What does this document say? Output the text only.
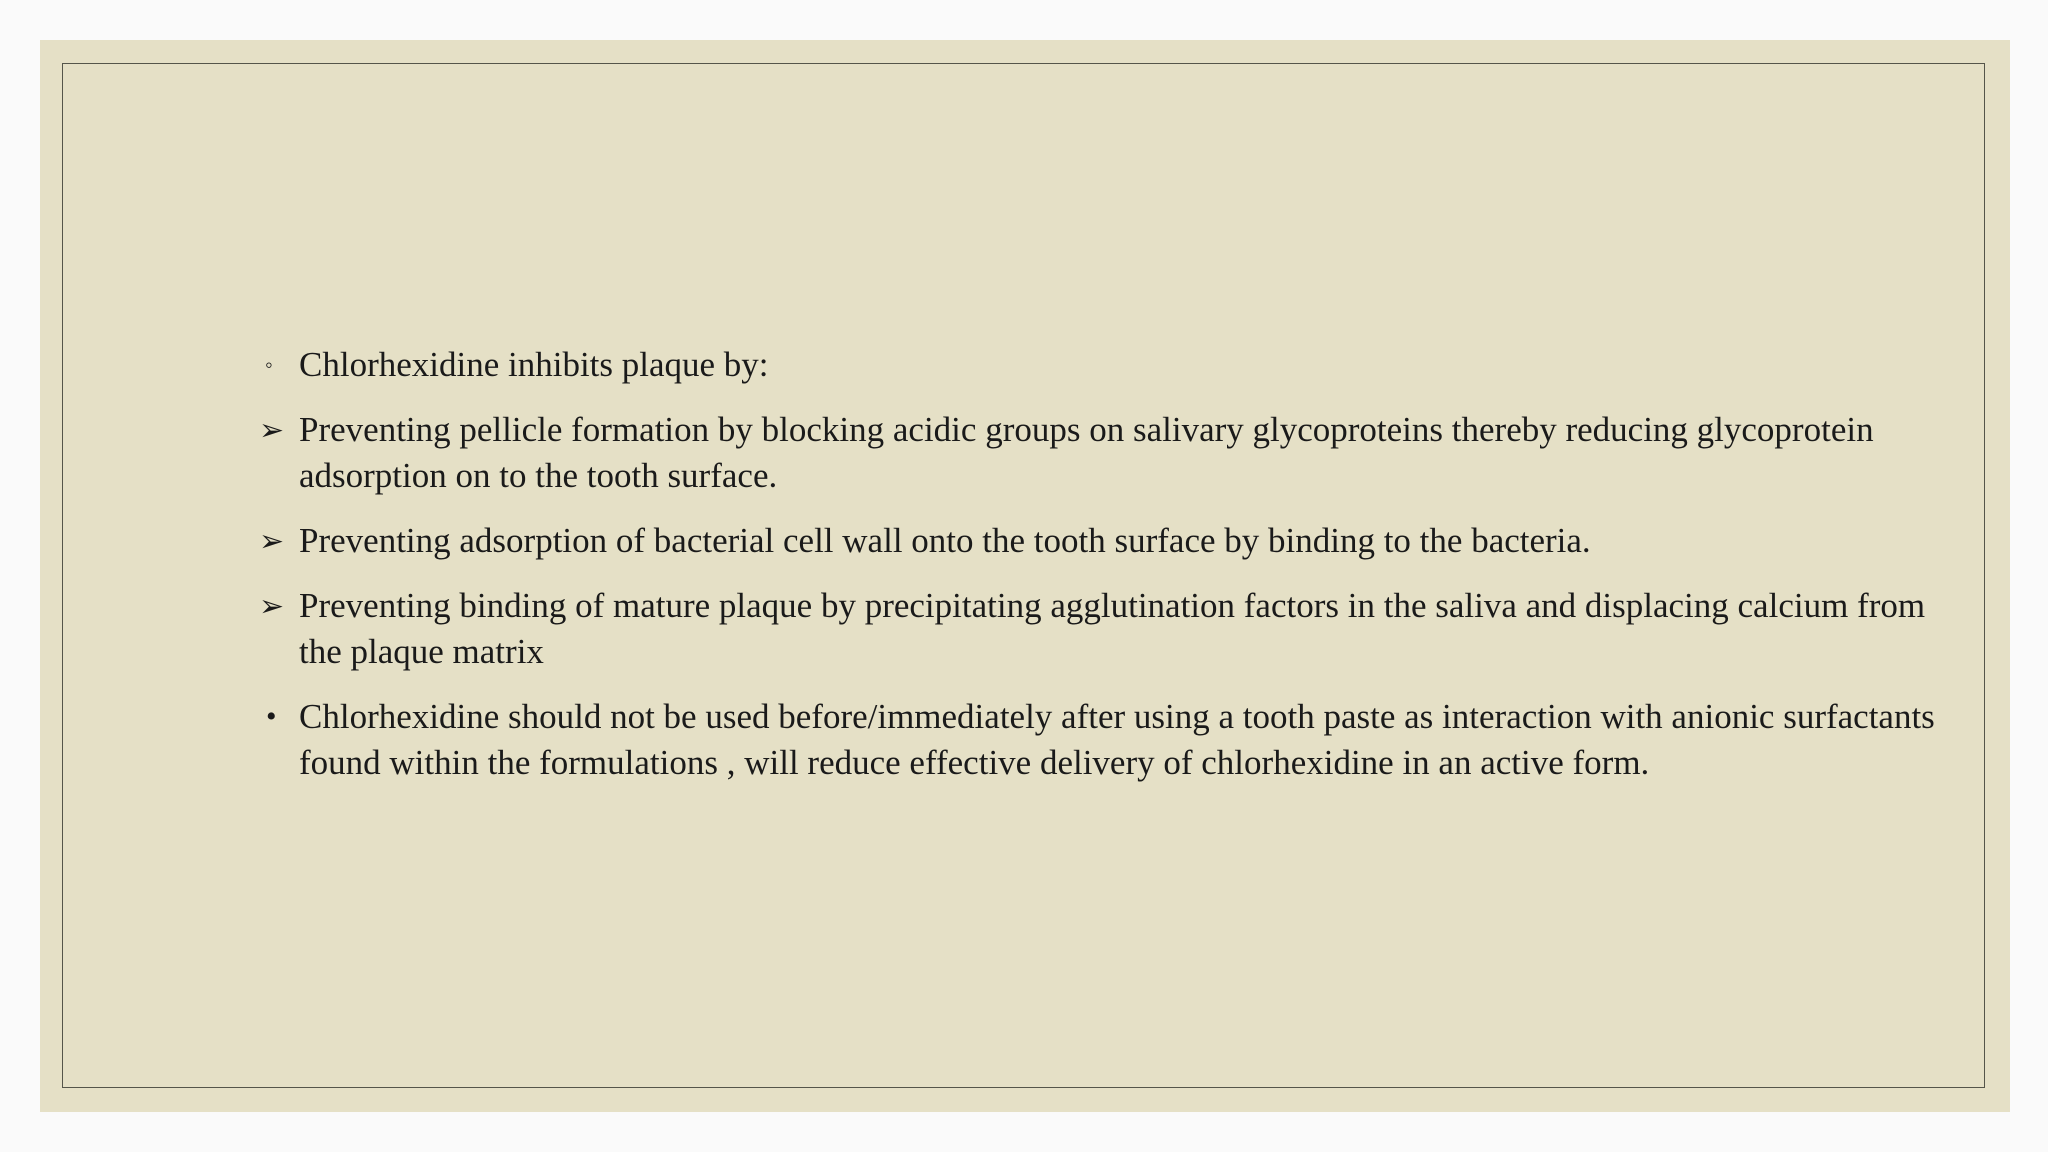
◦ Chlorhexidine inhibits plaque by:
➢ Preventing pellicle formation by blocking acidic groups on salivary glycoproteins thereby reducing glycoprotein adsorption on to the tooth surface.
➢ Preventing adsorption of bacterial cell wall onto the tooth surface by binding to the bacteria.
➢ Preventing binding of mature plaque by precipitating agglutination factors in the saliva and displacing calcium from the plaque matrix
• Chlorhexidine should not be used before/immediately after using a tooth paste as interaction with anionic surfactants found within the formulations , will reduce effective delivery of chlorhexidine in an active form.
